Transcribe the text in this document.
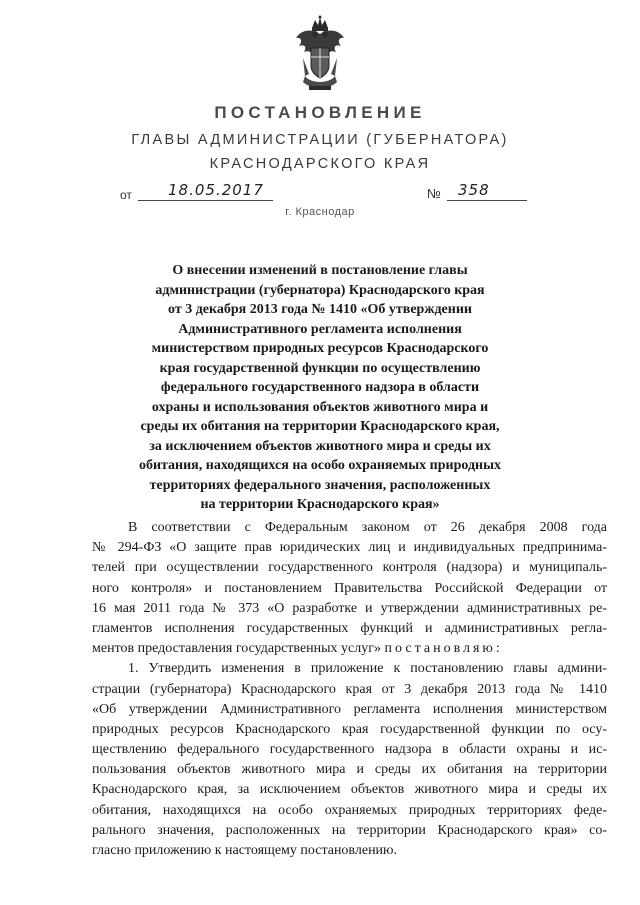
ПОСТАНОВЛЕНИЕ
ГЛАВЫ АДМИНИСТРАЦИИ (ГУБЕРНАТОРА)
КРАСНОДАРСКОГО КРАЯ
от 18.05.2017	№ 358
г. Краснодар
О внесении изменений в постановление главы
администрации (губернатора) Краснодарского края
от 3 декабря 2013 года № 1410 «Об утверждении
Административного регламента исполнения
министерством природных ресурсов Краснодарского
края государственной функции по осуществлению
федерального государственного надзора в области
охраны и использования объектов животного мира и
среды их обитания на территории Краснодарского края,
за исключением объектов животного мира и среды их
обитания, находящихся на особо охраняемых природных
территориях федерального значения, расположенных
на территории Краснодарского края»
В соответствии с Федеральным законом от 26 декабря 2008 года
№ 294-ФЗ «О защите прав юридических лиц и индивидуальных предпринима-
телей при осуществлении государственного контроля (надзора) и муниципаль-
ного контроля» и постановлением Правительства Российской Федерации от
16 мая 2011 года № 373 «О разработке и утверждении административных ре-
гламентов исполнения государственных функций и административных регла-
ментов предоставления государственных услуг» постановляю:
1. Утвердить изменения в приложение к постановлению главы админи-
страции (губернатора) Краснодарского края от 3 декабря 2013 года № 1410
«Об утверждении Административного регламента исполнения министерством
природных ресурсов Краснодарского края государственной функции по осу-
ществлению федерального государственного надзора в области охраны и ис-
пользования объектов животного мира и среды их обитания на территории
Краснодарского края, за исключением объектов животного мира и среды их
обитания, находящихся на особо охраняемых природных территориях феде-
рального значения, расположенных на территории Краснодарского края» со-
гласно приложению к настоящему постановлению.
